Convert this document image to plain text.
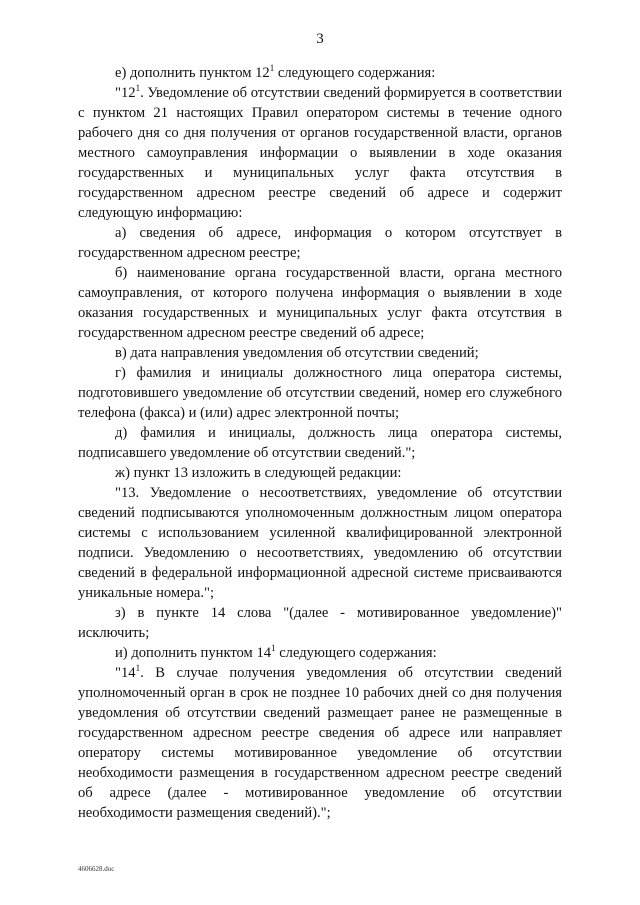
3

е) дополнить пунктом $12^1$ следующего содержания:

"$12^1$. Уведомление об отсутствии сведений формируется в соответствии с пунктом 21 настоящих Правил оператором системы в течение одного рабочего дня со дня получения от органов государственной власти, органов местного самоуправления информации о выявлении в ходе оказания государственных и муниципальных услуг факта отсутствия в государственном адресном реестре сведений об адресе и содержит следующую информацию:

а) сведения об адресе, информация о котором отсутствует в государственном адресном реестре;

б) наименование органа государственной власти, органа местного самоуправления, от которого получена информация о выявлении в ходе оказания государственных и муниципальных услуг факта отсутствия в государственном адресном реестре сведений об адресе;

в) дата направления уведомления об отсутствии сведений;

г) фамилия и инициалы должностного лица оператора системы, подготовившего уведомление об отсутствии сведений, номер его служебного телефона (факса) и (или) адрес электронной почты;

д) фамилия и инициалы, должность лица оператора системы, подписавшего уведомление об отсутствии сведений.";

ж) пункт 13 изложить в следующей редакции:

"13. Уведомление о несоответствиях, уведомление об отсутствии сведений подписываются уполномоченным должностным лицом оператора системы с использованием усиленной квалифицированной электронной подписи. Уведомлению о несоответствиях, уведомлению об отсутствии сведений в федеральной информационной адресной системе присваиваются уникальные номера.";

з) в пункте 14 слова "(далее - мотивированное уведомление)" исключить;

и) дополнить пунктом $14^1$ следующего содержания:

"$14^1$. В случае получения уведомления об отсутствии сведений уполномоченный орган в срок не позднее 10 рабочих дней со дня получения уведомления об отсутствии сведений размещает ранее не размещенные в государственном адресном реестре сведения об адресе или направляет оператору системы мотивированное уведомление об отсутствии необходимости размещения в государственном адресном реестре сведений об адресе (далее - мотивированное уведомление об отсутствии необходимости размещения сведений).";

4606628.doc
